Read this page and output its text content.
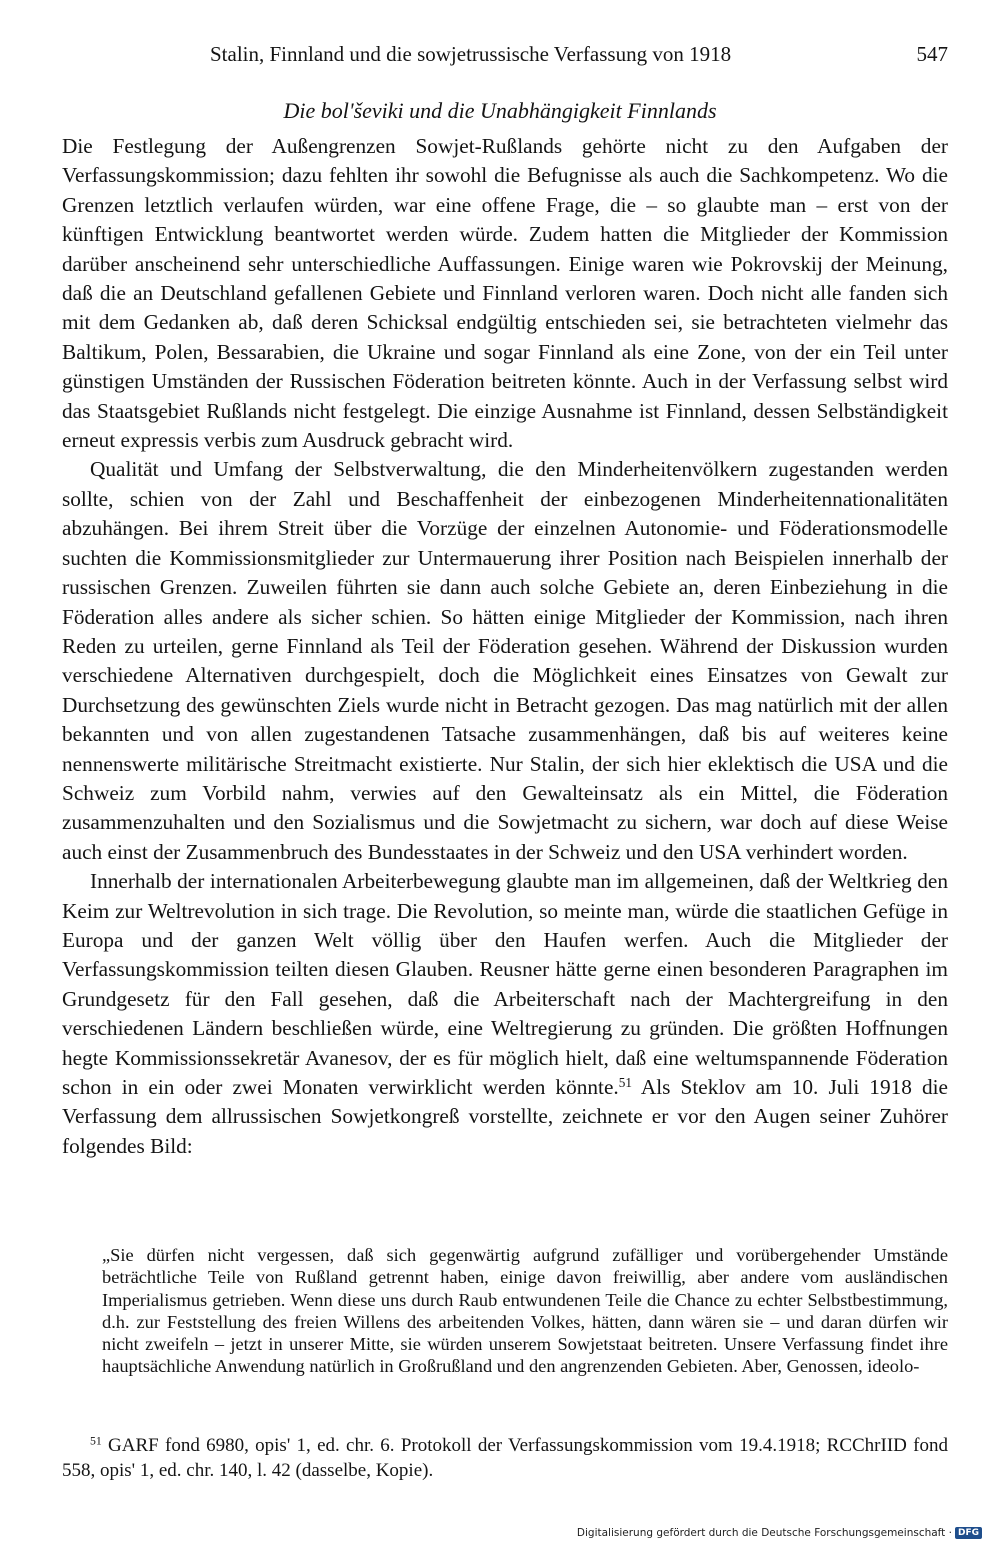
Stalin, Finnland und die sowjetrussische Verfassung von 1918	547
Die bol'ševiki und die Unabhängigkeit Finnlands

Die Festlegung der Außengrenzen Sowjet-Rußlands gehörte nicht zu den Aufgaben der Verfassungskommission; dazu fehlten ihr sowohl die Befugnisse als auch die Sachkompetenz. Wo die Grenzen letztlich verlaufen würden, war eine offene Frage, die – so glaubte man – erst von der künftigen Entwicklung beantwortet werden würde. Zudem hatten die Mitglieder der Kommission darüber anscheinend sehr unterschiedliche Auffassungen. Einige waren wie Pokrovskij der Meinung, daß die an Deutschland gefallenen Gebiete und Finnland verloren waren. Doch nicht alle fanden sich mit dem Gedanken ab, daß deren Schicksal endgültig entschieden sei, sie betrachteten vielmehr das Baltikum, Polen, Bessarabien, die Ukraine und sogar Finnland als eine Zone, von der ein Teil unter günstigen Umständen der Russischen Föderation beitreten könnte. Auch in der Verfassung selbst wird das Staatsgebiet Rußlands nicht festgelegt. Die einzige Ausnahme ist Finnland, dessen Selbständigkeit erneut expressis verbis zum Ausdruck gebracht wird.

Qualität und Umfang der Selbstverwaltung, die den Minderheitenvölkern zugestanden werden sollte, schien von der Zahl und Beschaffenheit der einbezogenen Minderheitennationalitäten abzuhängen. Bei ihrem Streit über die Vorzüge der einzelnen Autonomie- und Föderationsmodelle suchten die Kommissionsmitglieder zur Untermauerung ihrer Position nach Beispielen innerhalb der russischen Grenzen. Zuweilen führten sie dann auch solche Gebiete an, deren Einbeziehung in die Föderation alles andere als sicher schien. So hätten einige Mitglieder der Kommission, nach ihren Reden zu urteilen, gerne Finnland als Teil der Föderation gesehen. Während der Diskussion wurden verschiedene Alternativen durchgespielt, doch die Möglichkeit eines Einsatzes von Gewalt zur Durchsetzung des gewünschten Ziels wurde nicht in Betracht gezogen. Das mag natürlich mit der allen bekannten und von allen zugestandenen Tatsache zusammenhängen, daß bis auf weiteres keine nennenswerte militärische Streitmacht existierte. Nur Stalin, der sich hier eklektisch die USA und die Schweiz zum Vorbild nahm, verwies auf den Gewalteinsatz als ein Mittel, die Föderation zusammenzuhalten und den Sozialismus und die Sowjetmacht zu sichern, war doch auf diese Weise auch einst der Zusammenbruch des Bundesstaates in der Schweiz und den USA verhindert worden.

Innerhalb der internationalen Arbeiterbewegung glaubte man im allgemeinen, daß der Weltkrieg den Keim zur Weltrevolution in sich trage. Die Revolution, so meinte man, würde die staatlichen Gefüge in Europa und der ganzen Welt völlig über den Haufen werfen. Auch die Mitglieder der Verfassungskommission teilten diesen Glauben. Reusner hätte gerne einen besonderen Paragraphen im Grundgesetz für den Fall gesehen, daß die Arbeiterschaft nach der Machtergreifung in den verschiedenen Ländern beschließen würde, eine Weltregierung zu gründen. Die größten Hoffnungen hegte Kommissionssekretär Avanesov, der es für möglich hielt, daß eine weltumspannende Föderation schon in ein oder zwei Monaten verwirklicht werden könnte.$^{51}$ Als Steklov am 10. Juli 1918 die Verfassung dem allrussischen Sowjetkongreß vorstellte, zeichnete er vor den Augen seiner Zuhörer folgendes Bild:

„Sie dürfen nicht vergessen, daß sich gegenwärtig aufgrund zufälliger und vorübergehender Umstände beträchtliche Teile von Rußland getrennt haben, einige davon freiwillig, aber andere vom ausländischen Imperialismus getrieben. Wenn diese uns durch Raub entwundenen Teile die Chance zu echter Selbstbestimmung, d.h. zur Feststellung des freien Willens des arbeitenden Volkes, hätten, dann wären sie – und daran dürfen wir nicht zweifeln – jetzt in unserer Mitte, sie würden unserem Sowjetstaat beitreten. Unsere Verfassung findet ihre hauptsächliche Anwendung natürlich in Großrußland und den angrenzenden Gebieten. Aber, Genossen, ideolo-

$^{51}$ GARF fond 6980, opis' 1, ed. chr. 6. Protokoll der Verfassungskommission vom 19.4.1918; RCChrIID fond 558, opis' 1, ed. chr. 140, l. 42 (dasselbe, Kopie).

Digitalisierung gefördert durch die Deutsche Forschungsgemeinschaft · DFG
